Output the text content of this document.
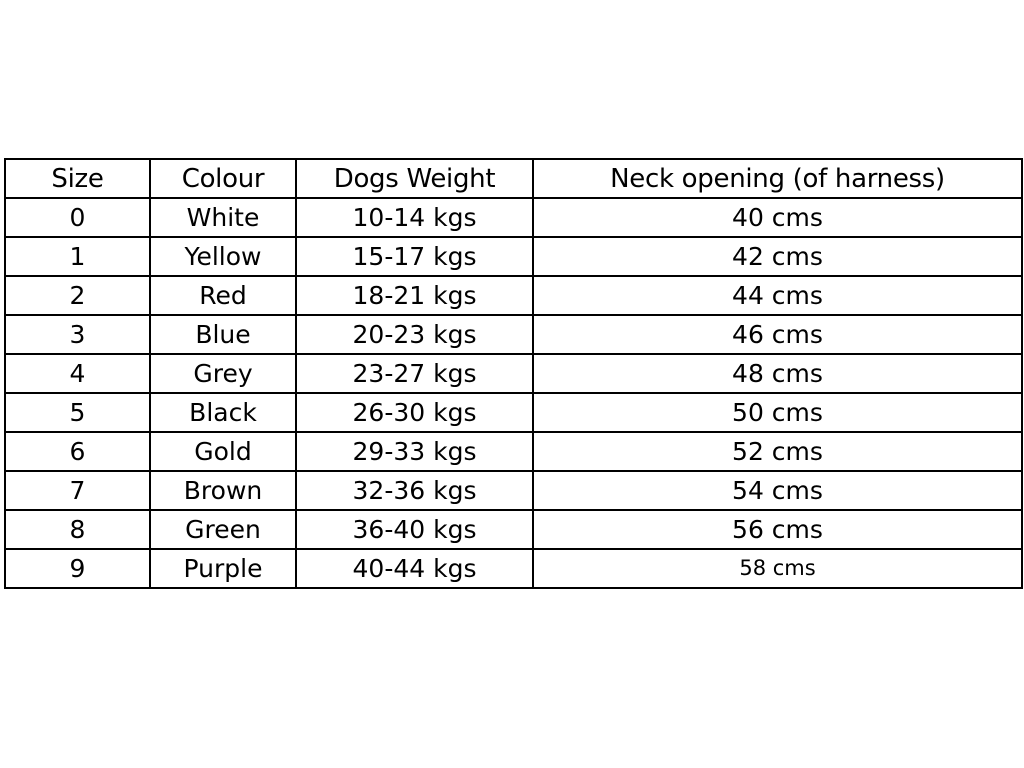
Size	Colour	Dogs Weight	Neck opening (of harness)
0	White	10-14 kgs	40 cms
1	Yellow	15-17 kgs	42 cms
2	Red	18-21 kgs	44 cms
3	Blue	20-23 kgs	46 cms
4	Grey	23-27 kgs	48 cms
5	Black	26-30 kgs	50 cms
6	Gold	29-33 kgs	52 cms
7	Brown	32-36 kgs	54 cms
8	Green	36-40 kgs	56 cms
9	Purple	40-44 kgs	58 cms
